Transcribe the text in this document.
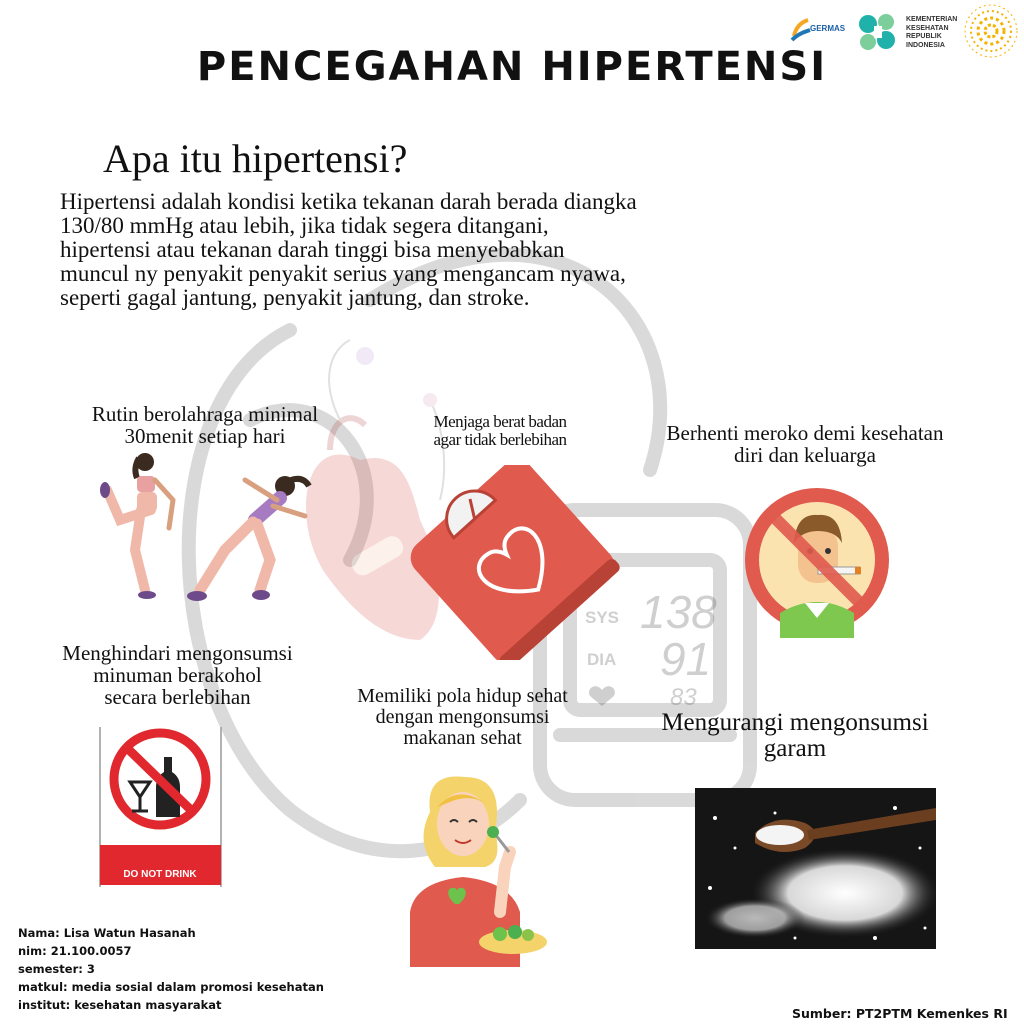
SYS 138
DIA 91
83
GERMAS
KEMENTERIAN
KESEHATAN
REPUBLIK
INDONESIA
PENCEGAHAN HIPERTENSI
Apa itu hipertensi?
Hipertensi adalah kondisi ketika tekanan darah berada diangka
130/80 mmHg atau lebih, jika tidak segera ditangani,
hipertensi atau tekanan darah tinggi bisa menyebabkan
muncul ny penyakit penyakit serius yang mengancam nyawa,
seperti gagal jantung, penyakit jantung, dan stroke.
Rutin berolahraga minimal
30menit setiap hari
Menjaga berat badan
agar tidak berlebihan	Berhenti meroko demi kesehatan
diri dan keluarga
Menghindari mengonsumsi
minuman berakohol
secara berlebihan
DO NOT DRINK
Memiliki pola hidup sehat
dengan mengonsumsi
makanan sehat
Mengurangi mengonsumsi
garam
Nama: Lisa Watun Hasanah
nim: 21.100.0057
semester: 3
matkul: media sosial dalam promosi kesehatan
institut: kesehatan masyarakat
Sumber: PT2PTM Kemenkes RI
